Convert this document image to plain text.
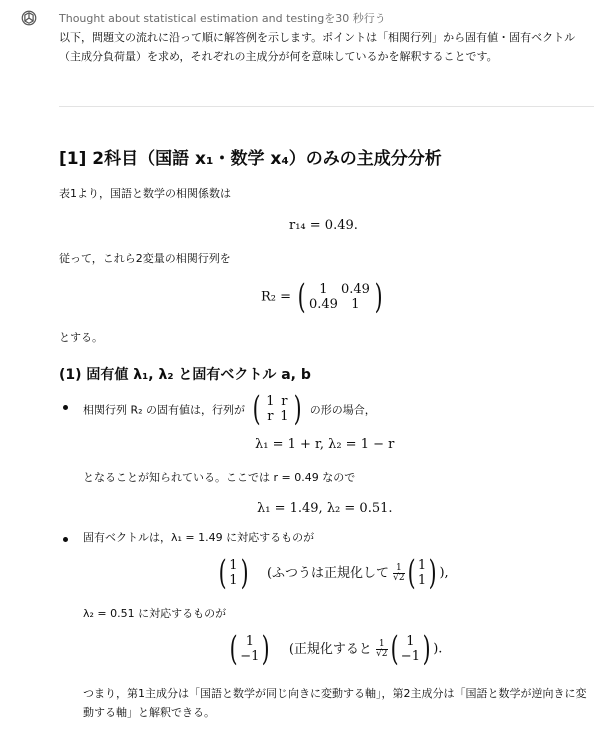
Thought about statistical estimation and testingを30 秒行う
以下，問題文の流れに沿って順に解答例を示します。ポイントは「相関行列」から固有値・固有ベクトル（主成分負荷量）を求め，それぞれの主成分が何を意味しているかを解釈することです。
[1] 2科目（国語 x₁・数学 x₄）のみの主成分分析
表1より，国語と数学の相関係数は
r₁₄ = 0.49.
従って，これら2変量の相関行列を
R₂ = (	1 0.49
0.49 1 )
とする。
(1) 固有値 λ₁, λ₂ と固有ベクトル a, b
相関行列 R₂ の固有値は，行列が ( 1 r
r 1 ) の形の場合，
λ₁ = 1 + r, λ₂ = 1 − r
となることが知られている。ここでは r = 0.49 なので
λ₁ = 1.49, λ₂ = 0.51.
固有ベクトルは，λ₁ = 1.49 に対応するものが
( 1
1 ) (ふつうは正規化して $\frac{1}{√2}$( 1
1 ) ),
λ₂ = 0.51 に対応するものが
( 1
−1 ) (正規化すると $\frac{1}{√2}$( 1
−1 ) ).
つまり，第1主成分は「国語と数学が同じ向きに変動する軸」，第2主成分は「国語と数学が逆向きに変動する軸」と解釈できる。
